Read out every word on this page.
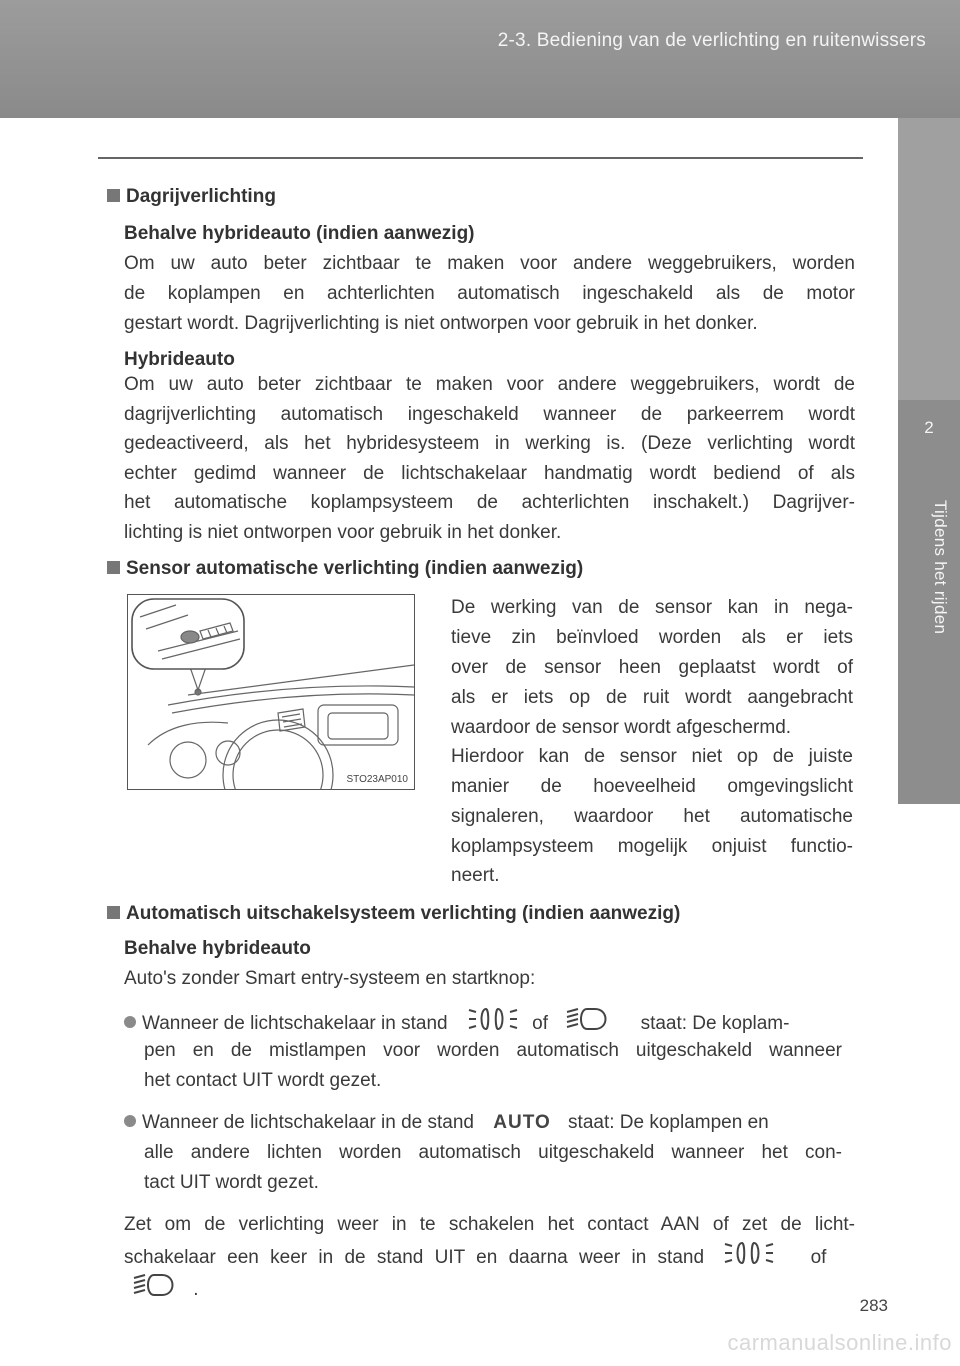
2-3. Bediening van de verlichting en ruitenwissers
2
Tijdens het rijden
Dagrijverlichting
Behalve hybrideauto (indien aanwezig)
Om uw auto beter zichtbaar te maken voor andere weggebruikers, worden
de koplampen en achterlichten automatisch ingeschakeld als de motor
gestart wordt. Dagrijverlichting is niet ontworpen voor gebruik in het donker.
Hybrideauto
Om uw auto beter zichtbaar te maken voor andere weggebruikers, wordt de
dagrijverlichting automatisch ingeschakeld wanneer de parkeerrem wordt
gedeactiveerd, als het hybridesysteem in werking is. (Deze verlichting wordt
echter gedimd wanneer de lichtschakelaar handmatig wordt bediend of als
het automatische koplampsysteem de achterlichten inschakelt.) Dagrijver-
lichting is niet ontworpen voor gebruik in het donker.
Sensor automatische verlichting (indien aanwezig)
De werking van de sensor kan in nega-
tieve zin beïnvloed worden als er iets
over de sensor heen geplaatst wordt of
als er iets op de ruit wordt aangebracht
waardoor de sensor wordt afgeschermd.
Hierdoor kan de sensor niet op de juiste
manier de hoeveelheid omgevingslicht
signaleren, waardoor het automatische
koplampsysteem mogelijk onjuist functio-
neert.
Automatisch uitschakelsysteem verlichting (indien aanwezig)
Behalve hybrideauto
Auto's zonder Smart entry-systeem en startknop:
Wanneer de lichtschakelaar in stand	of	staat: De koplam-
pen en de mistlampen voor worden automatisch uitgeschakeld wanneer
het contact UIT wordt gezet.
Wanneer de lichtschakelaar in de stand AUTO staat: De koplampen en
alle andere lichten worden automatisch uitgeschakeld wanneer het con-
tact UIT wordt gezet.
Zet om de verlichting weer in te schakelen het contact AAN of zet de licht-
schakelaar een keer in de stand UIT en daarna weer in stand	of
.
STO23AP010
283
carmanualsonline.info
